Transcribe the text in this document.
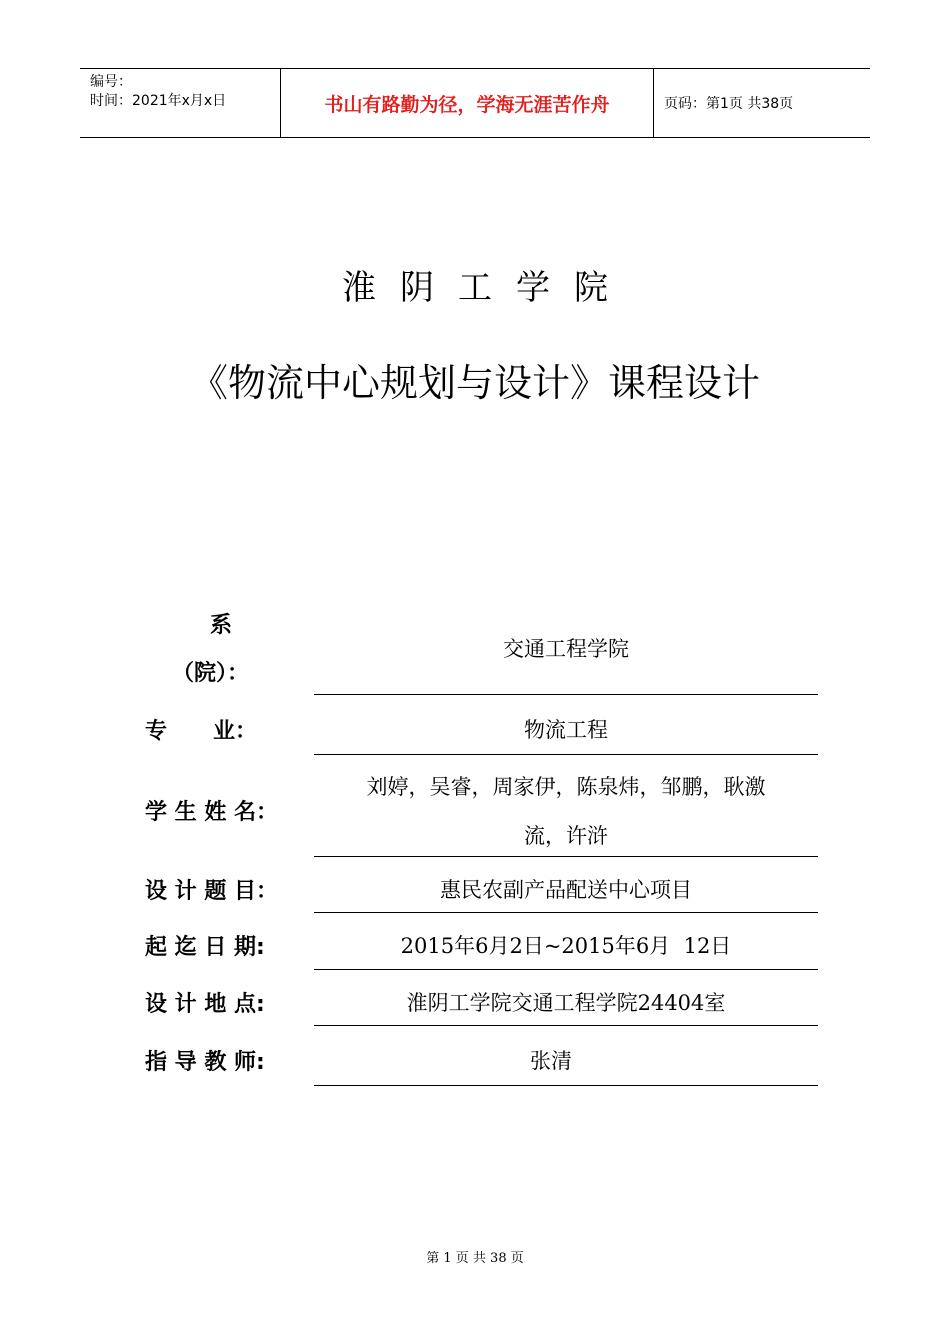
编号：
时间：2021年x月x日	书山有路勤为径，学海无涯苦作舟	页码：第1页 共38页
淮阴工学院
《物流中心规划与设计》课程设计
系
（院）：
交通工程学院
专      业：	物流工程
学 生 姓 名：
刘婷，吴睿，周家伊，陈泉炜，邹鹏，耿激
流，许浒
设 计 题 目：	惠民农副产品配送中心项目
起 迄 日 期:	2015年6月2日~2015年6月  12日
设 计 地 点:	淮阴工学院交通工程学院24404室
指 导 教 师:	张清
第 1 页 共 38 页
